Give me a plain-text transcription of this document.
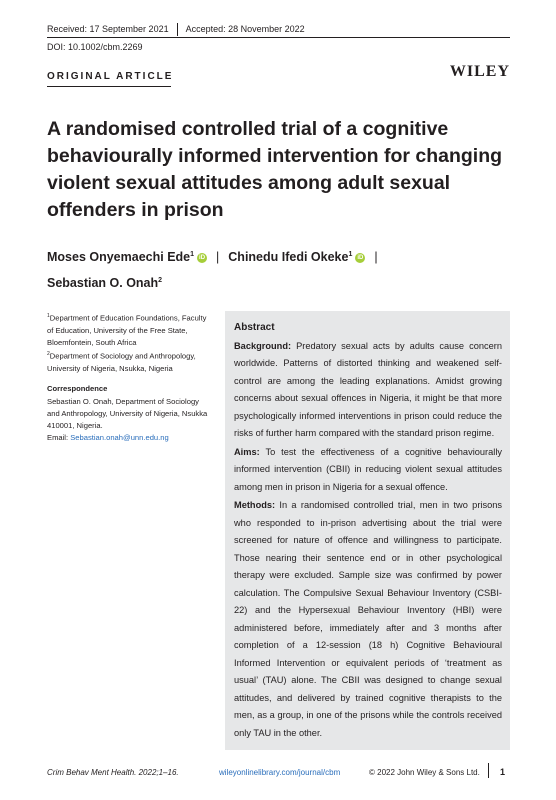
Received: 17 September 2021 Accepted: 28 November 2022
DOI: 10.1002/cbm.2269
ORIGINAL ARTICLE	WILEY
A randomised controlled trial of a cognitive behaviourally informed intervention for changing violent sexual attitudes among adult sexual offenders in prison
Moses Onyemaechi Ede$^1$ iD | Chinedu Ifedi Okeke$^1$ iD |
Sebastian O. Onah$^2$
$^1$Department of Education Foundations, Faculty of Education, University of the Free State, Bloemfontein, South Africa
$^2$Department of Sociology and Anthropology, University of Nigeria, Nsukka, Nigeria
Correspondence
Sebastian O. Onah, Department of Sociology and Anthropology, University of Nigeria, Nsukka 410001, Nigeria.
Email: Sebastian.onah@unn.edu.ng
Abstract

Background: Predatory sexual acts by adults cause concern worldwide. Patterns of distorted thinking and weakened self-control are among the leading explanations. Amidst growing concerns about sexual offences in Nigeria, it might be that more psychologically informed interventions in prison could reduce the risks of further harm compared with the standard prison regime.

Aims: To test the effectiveness of a cognitive behaviourally informed intervention (CBII) in reducing violent sexual attitudes among men in prison in Nigeria for a sexual offence.

Methods: In a randomised controlled trial, men in two prisons who responded to in-prison advertising about the trial were screened for nature of offence and willingness to participate. Those nearing their sentence end or in other psychological therapy were excluded. Sample size was confirmed by power calculation. The Compulsive Sexual Behaviour Inventory (CSBI-22) and the Hypersexual Behaviour Inventory (HBI) were administered before, immediately after and 3 months after completion of a 12-session (18 h) Cognitive Behavioural Informed Intervention or equivalent periods of ‘treatment as usual’ (TAU) alone. The CBII was designed to change sexual attitudes, and delivered by trained cognitive therapists to the men, as a group, in one of the prisons while the controls received only TAU in the other.

Crim Behav Ment Health. 2022;1–16.	wileyonlinelibrary.com/journal/cbm	© 2022 John Wiley & Sons Ltd. 1
